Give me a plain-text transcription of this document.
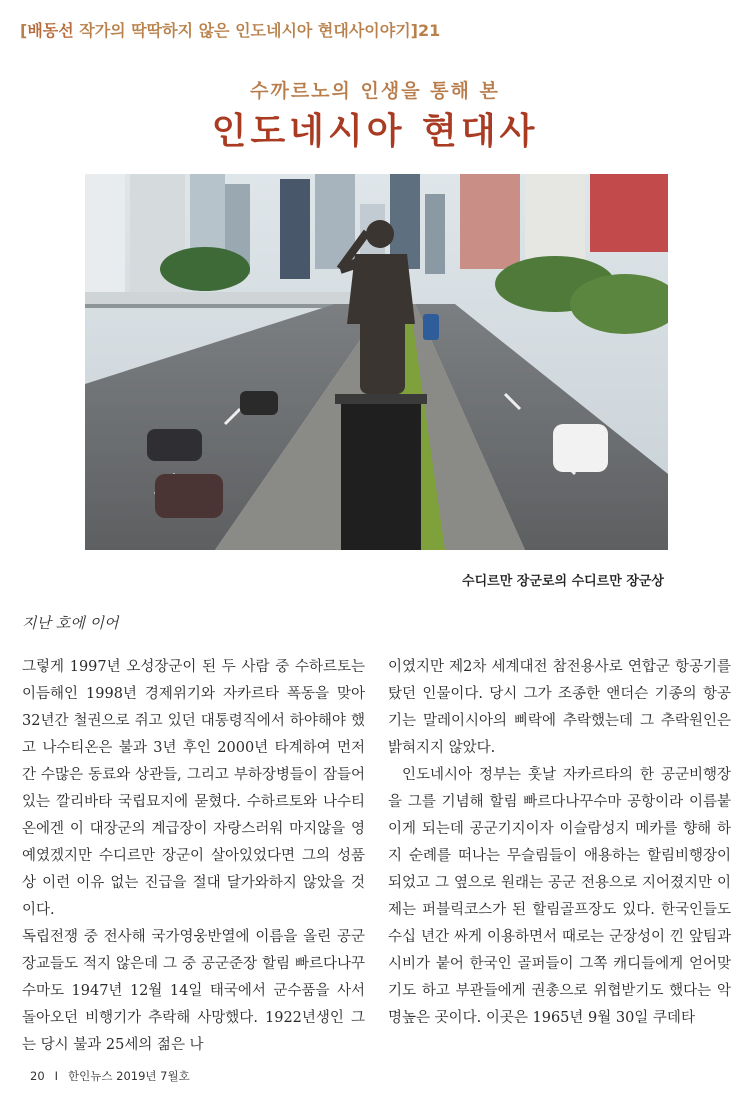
[배동선 작가의 딱딱하지 않은 인도네시아 현대사이야기]21
수까르노의 인생을 통해 본
인도네시아 현대사
수디르만 장군로의 수디르만 장군상
지난 호에 이어

그렇게 1997년 오성장군이 된 두 사람 중 수하르토는 이듬해인 1998년 경제위기와 자카르타 폭동을 맞아 32년간 철권으로 쥐고 있던 대통령직에서 하야해야 했고 나수티온은 불과 3년 후인 2000년 타계하여 먼저 간 수많은 동료와 상관들, 그리고 부하장병들이 잠들어 있는 깔리바타 국립묘지에 묻혔다. 수하르토와 나수티온에겐 이 대장군의 계급장이 자랑스러워 마지않을 영예였겠지만 수디르만 장군이 살아있었다면 그의 성품상 이런 이유 없는 진급을 절대 달가와하지 않았을 것이다.

독립전쟁 중 전사해 국가영웅반열에 이름을 올린 공군장교들도 적지 않은데 그 중 공군준장 할림 빠르다나꾸수마도 1947년 12월 14일 태국에서 군수품을 사서 돌아오던 비행기가 추락해 사망했다. 1922년생인 그는 당시 불과 25세의 젊은 나

이였지만 제2차 세계대전 참전용사로 연합군 항공기를 탔던 인물이다. 당시 그가 조종한 앤더슨 기종의 항공기는 말레이시아의 삐락에 추락했는데 그 추락원인은 밝혀지지 않았다.

인도네시아 정부는 훗날 자카르타의 한 공군비행장을 그를 기념해 할림 빠르다나꾸수마 공항이라 이름붙이게 되는데 공군기지이자 이슬람성지 메카를 향해 하지 순례를 떠나는 무슬림들이 애용하는 할림비행장이 되었고 그 옆으로 원래는 공군 전용으로 지어졌지만 이제는 퍼블릭코스가 된 할림골프장도 있다. 한국인들도 수십 년간 싸게 이용하면서 때로는 군장성이 낀 앞팀과 시비가 붙어 한국인 골퍼들이 그쪽 캐디들에게 얻어맞기도 하고 부관들에게 권총으로 위협받기도 했다는 악명높은 곳이다. 이곳은 1965년 9월 30일 쿠데타

20 I 한인뉴스 2019년 7월호
